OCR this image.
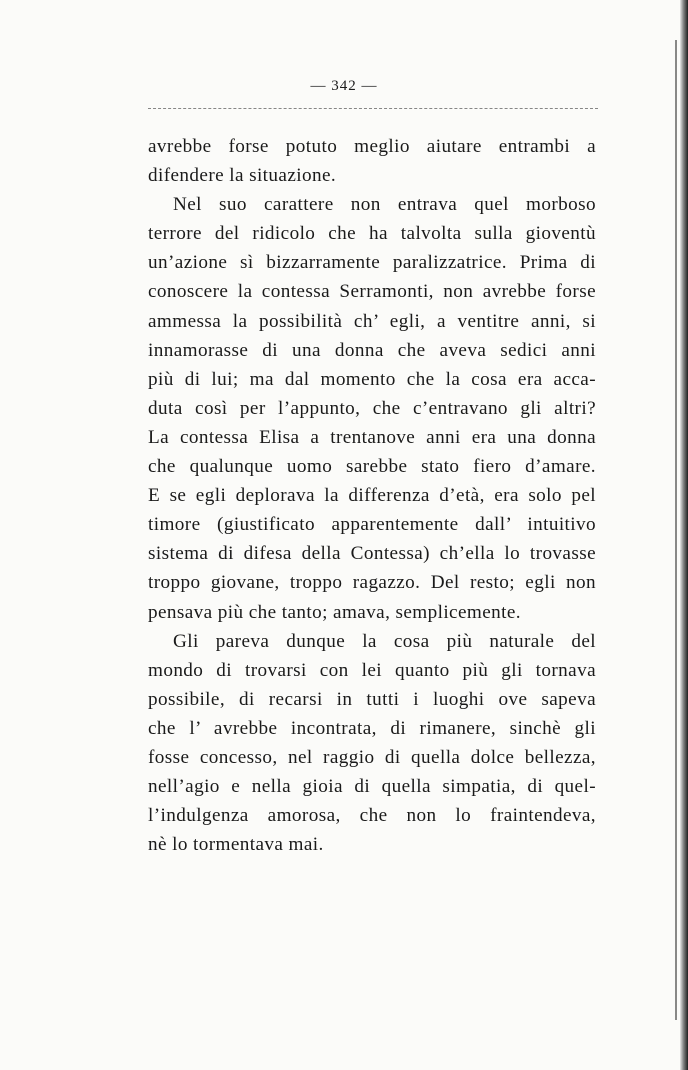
— 342 —

avrebbe forse potuto meglio aiutare entrambi a
difendere la situazione.

Nel suo carattere non entrava quel morboso
terrore del ridicolo che ha talvolta sulla gioventù
un’azione sì bizzarramente paralizzatrice. Prima di
conoscere la contessa Serramonti, non avrebbe forse
ammessa la possibilità ch’ egli, a ventitre anni, si
innamorasse di una donna che aveva sedici anni
più di lui; ma dal momento che la cosa era acca-
duta così per l’appunto, che c’entravano gli altri?
La contessa Elisa a trentanove anni era una donna
che qualunque uomo sarebbe stato fiero d’amare.
E se egli deplorava la differenza d’età, era solo pel
timore (giustificato apparentemente dall’ intuitivo
sistema di difesa della Contessa) ch’ella lo trovasse
troppo giovane, troppo ragazzo. Del resto; egli non
pensava più che tanto; amava, semplicemente.

Gli pareva dunque la cosa più naturale del
mondo di trovarsi con lei quanto più gli tornava
possibile, di recarsi in tutti i luoghi ove sapeva
che l’ avrebbe incontrata, di rimanere, sinchè gli
fosse concesso, nel raggio di quella dolce bellezza,
nell’agio e nella gioia di quella simpatia, di quel-
l’indulgenza amorosa, che non lo fraintendeva,
nè lo tormentava mai.
